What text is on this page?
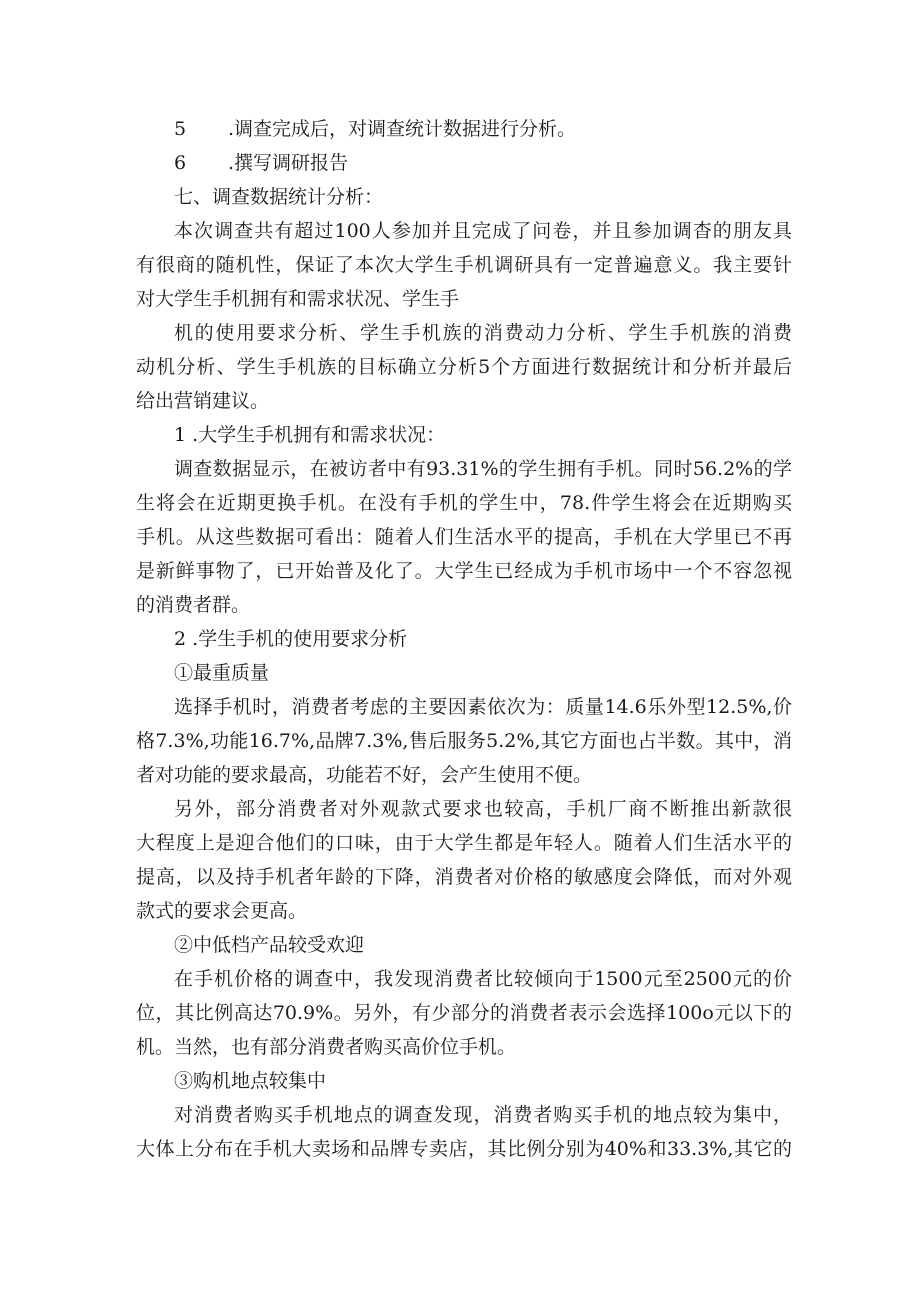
5	.调查完成后，对调查统计数据进行分析。
6	.撰写调研报告
七、调查数据统计分析：
本次调查共有超过100人参加并且完成了问卷，并且参加调杳的朋友具
有很商的随机性，保证了本次大学生手机调研具有一定普遍意义。我主要针
对大学生手机拥有和需求状况、学生手
机的使用要求分析、学生手机族的消费动力分析、学生手机族的消费
动机分析、学生手机族的目标确立分析5个方面进行数据统计和分析并最后
给出营销建议。
1 .大学生手机拥有和需求状况：
调查数据显示，在被访者中有93.31%的学生拥有手机。同时56.2%的学
生将会在近期更换手机。在没有手机的学生中，78.件学生将会在近期购买
手机。从这些数据可看出：随着人们生活水平的提高，手机在大学里已不再
是新鲜事物了，已开始普及化了。大学生已经成为手机市场中一个不容忽视
的消费者群。
2 .学生手机的使用要求分析
①最重质量
选择手机时，消费者考虑的主要因素依次为：质量14.6乐外型12.5%,价
格7.3%,功能16.7%,品牌7.3%,售后服务5.2%,其它方面也占半数。其中，消
者对功能的要求最高，功能若不好，会产生使用不便。
另外，部分消费者对外观款式要求也较高，手机厂商不断推出新款很
大程度上是迎合他们的口味，由于大学生都是年轻人。随着人们生活水平的
提高，以及持手机者年龄的下降，消费者对价格的敏感度会降低，而对外观
款式的要求会更高。
②中低档产品较受欢迎
在手机价格的调查中，我发现消费者比较倾向于1500元至2500元的价
位，其比例高达70.9%。另外，有少部分的消费者表示会选择100o元以下的
机。当然，也有部分消费者购买高价位手机。
③购机地点较集中
对消费者购买手机地点的调查发现，消费者购买手机的地点较为集中，
大体上分布在手机大卖场和品牌专卖店，其比例分别为40%和33.3%,其它的
